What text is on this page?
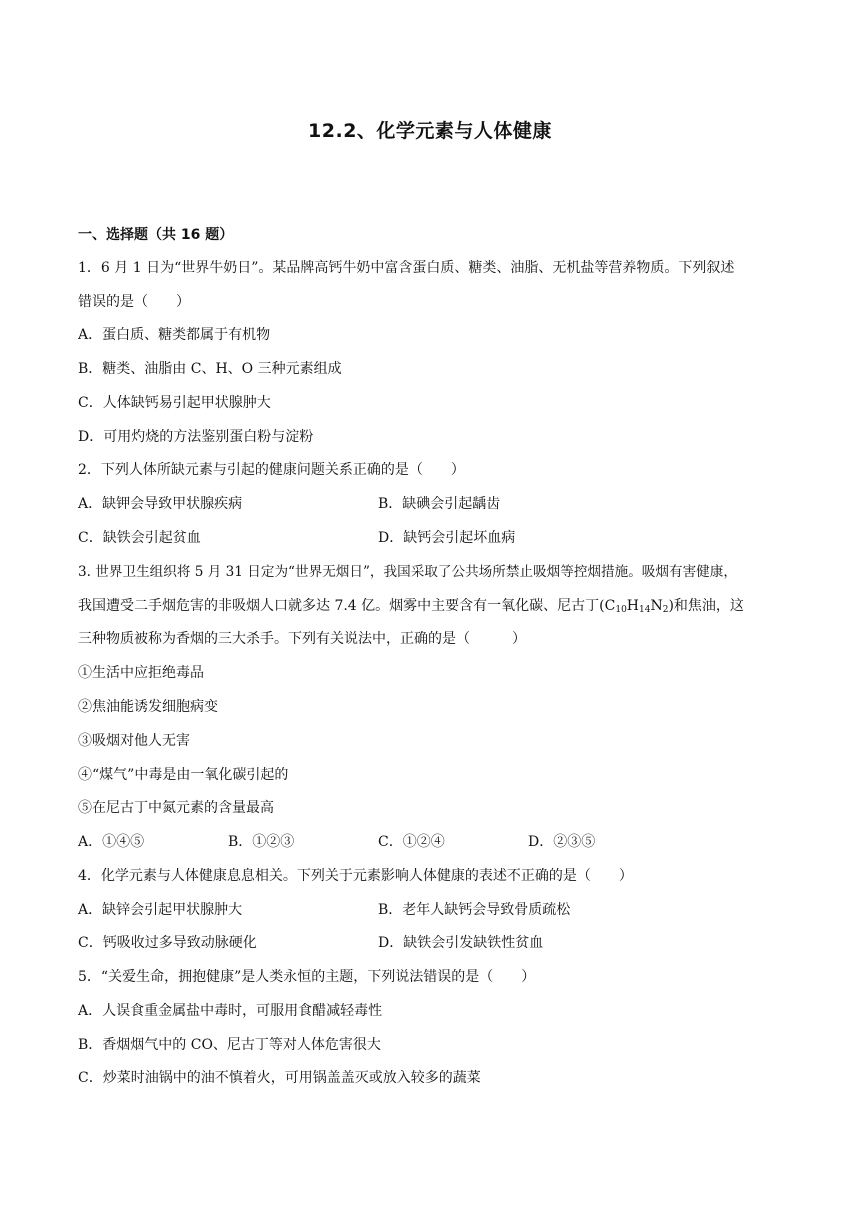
12.2、化学元素与人体健康
一、选择题（共 16 题）
1．6 月 1 日为“世界牛奶日”。某品牌高钙牛奶中富含蛋白质、糖类、油脂、无机盐等营养物质。下列叙述
错误的是（　　）
A．蛋白质、糖类都属于有机物
B．糖类、油脂由 C、H、O 三种元素组成
C．人体缺钙易引起甲状腺肿大
D．可用灼烧的方法鉴别蛋白粉与淀粉
2．下列人体所缺元素与引起的健康问题关系正确的是（　　）
A．缺钾会导致甲状腺疾病	B．缺碘会引起龋齿
C．缺铁会引起贫血	D．缺钙会引起坏血病
3. 世界卫生组织将 5 月 31 日定为“世界无烟日”，我国采取了公共场所禁止吸烟等控烟措施。吸烟有害健康，
我国遭受二手烟危害的非吸烟人口就多达 7.4 亿。烟雾中主要含有一氧化碳、尼古丁$(C_{10}H_{14}N_2)$和焦油，这
三种物质被称为香烟的三大杀手。下列有关说法中，正确的是（　　　）
①生活中应拒绝毒品
②焦油能诱发细胞病变
③吸烟对他人无害
④“煤气”中毒是由一氧化碳引起的
⑤在尼古丁中氮元素的含量最高
A．①④⑤	B．①②③	C．①②④	D．②③⑤
4．化学元素与人体健康息息相关。下列关于元素影响人体健康的表述不正确的是（　　）
A．缺锌会引起甲状腺肿大	B．老年人缺钙会导致骨质疏松
C．钙吸收过多导致动脉硬化	D．缺铁会引发缺铁性贫血
5．“关爱生命，拥抱健康”是人类永恒的主题，下列说法错误的是（　　）
A．人误食重金属盐中毒时，可服用食醋减轻毒性
B．香烟烟气中的 CO、尼古丁等对人体危害很大
C．炒菜时油锅中的油不慎着火，可用锅盖盖灭或放入较多的蔬菜
